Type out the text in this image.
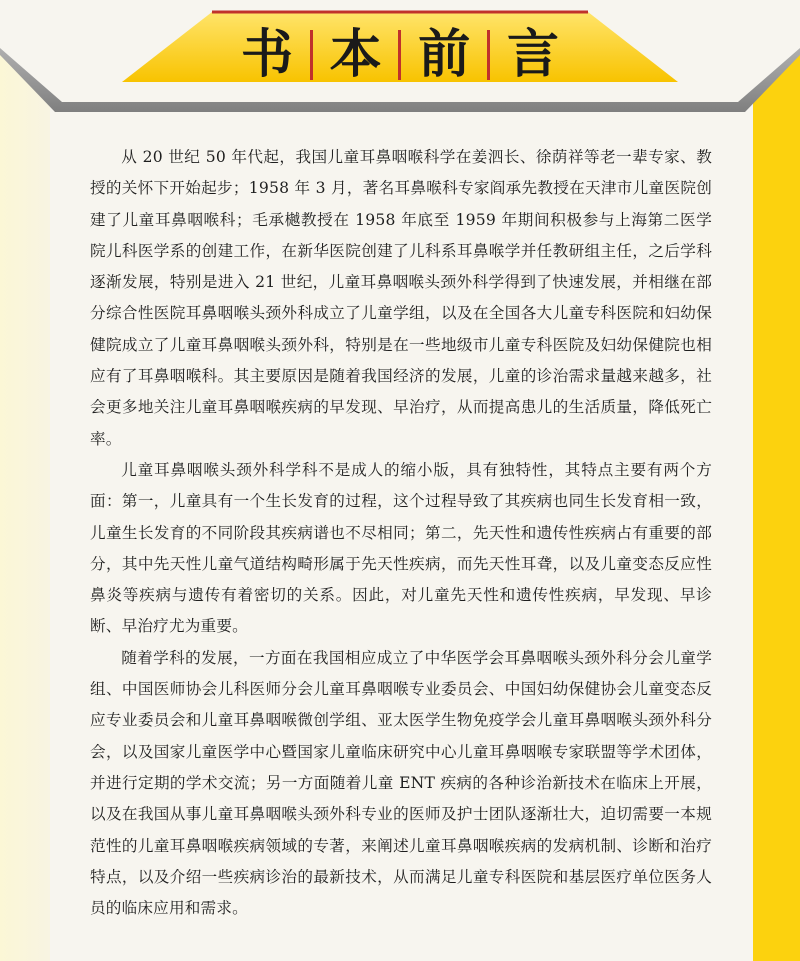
书 本 前 言

从 20 世纪 50 年代起，我国儿童耳鼻咽喉科学在姜泗长、徐荫祥等老一辈专家、教授的关怀下开始起步；1958 年 3 月，著名耳鼻喉科专家阎承先教授在天津市儿童医院创建了儿童耳鼻咽喉科；毛承樾教授在 1958 年底至 1959 年期间积极参与上海第二医学院儿科医学系的创建工作，在新华医院创建了儿科系耳鼻喉学并任教研组主任，之后学科逐渐发展，特别是进入 21 世纪，儿童耳鼻咽喉头颈外科学得到了快速发展，并相继在部分综合性医院耳鼻咽喉头颈外科成立了儿童学组，以及在全国各大儿童专科医院和妇幼保健院成立了儿童耳鼻咽喉头颈外科，特别是在一些地级市儿童专科医院及妇幼保健院也相应有了耳鼻咽喉科。其主要原因是随着我国经济的发展，儿童的诊治需求量越来越多，社会更多地关注儿童耳鼻咽喉疾病的早发现、早治疗，从而提高患儿的生活质量，降低死亡率。

儿童耳鼻咽喉头颈外科学科不是成人的缩小版，具有独特性，其特点主要有两个方面：第一，儿童具有一个生长发育的过程，这个过程导致了其疾病也同生长发育相一致，儿童生长发育的不同阶段其疾病谱也不尽相同；第二，先天性和遗传性疾病占有重要的部分，其中先天性儿童气道结构畸形属于先天性疾病，而先天性耳聋，以及儿童变态反应性鼻炎等疾病与遗传有着密切的关系。因此，对儿童先天性和遗传性疾病，早发现、早诊断、早治疗尤为重要。

随着学科的发展，一方面在我国相应成立了中华医学会耳鼻咽喉头颈外科分会儿童学组、中国医师协会儿科医师分会儿童耳鼻咽喉专业委员会、中国妇幼保健协会儿童变态反应专业委员会和儿童耳鼻咽喉微创学组、亚太医学生物免疫学会儿童耳鼻咽喉头颈外科分会，以及国家儿童医学中心暨国家儿童临床研究中心儿童耳鼻咽喉专家联盟等学术团体，并进行定期的学术交流；另一方面随着儿童 ENT 疾病的各种诊治新技术在临床上开展，以及在我国从事儿童耳鼻咽喉头颈外科专业的医师及护士团队逐渐壮大，迫切需要一本规范性的儿童耳鼻咽喉疾病领域的专著，来阐述儿童耳鼻咽喉疾病的发病机制、诊断和治疗特点，以及介绍一些疾病诊治的最新技术，从而满足儿童专科医院和基层医疗单位医务人员的临床应用和需求。
